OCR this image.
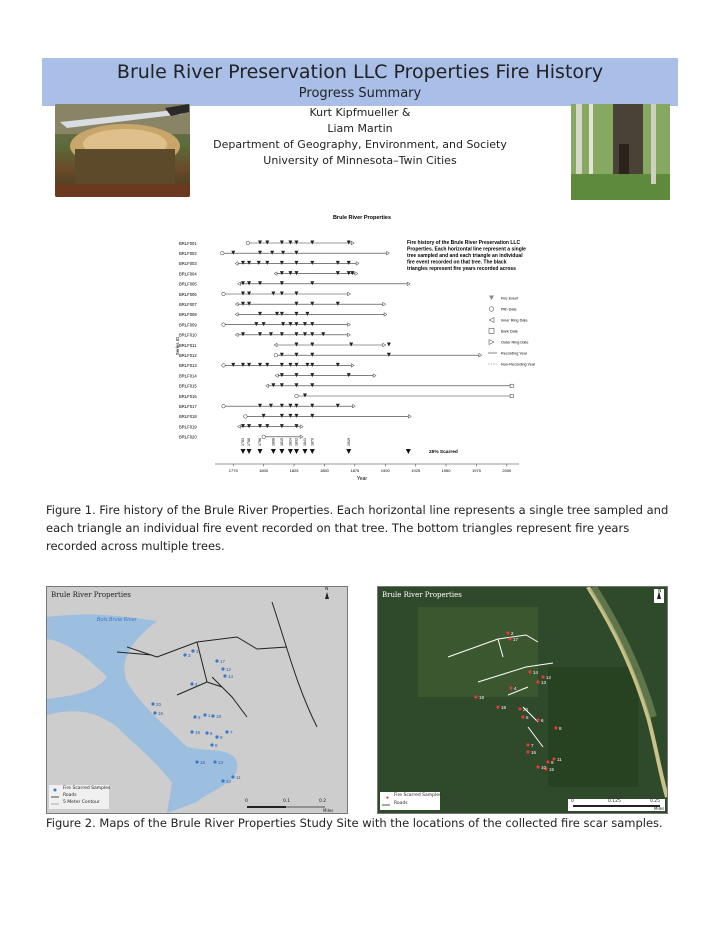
Brule River Preservation LLC Properties Fire History
Progress Summary
Kurt Kipfmueller &
Liam Martin
Department of Geography, Environment, and Society
University of Minnesota–Twin Cities
Brule River Properties
Fire history of the Brule River Preservation LLC Properties. Each horizontal line represent a single tree sampled and and each triangle an individual fire event recorded on that tree. The black triangles represent fire years recorded across
Fire Event
Pith Date
Inner Ring Date
Bark Date
Outer Ring Date
Recording Year
Non-Recording Year
Series ID
Year
25% Scarred
BRLF001
BRLF002
BRLF003
BRLF004
BRLF005
BRLF006
BRLF007
BRLF008
BRLF009
BRLF010
BRLF011
BRLF012
BRLF013
BRLF014
BRLF015
BRLF016
BRLF017
BRLF018
BRLF019
BRLF020
1783 1788 1796	1808 1815 1824 1832 1841 1870	1919
1775	1800	1825	1850	1875	1900	1925	1950	1975	2000
Figure 1. Fire history of the Brule River Properties. Each horizontal line represents a single tree sampled and each triangle an individual fire event recorded on that tree. The bottom triangles represent fire years recorded across multiple trees.
2
3
17
12
14
4
20
16	1
5	18
19 6	7
9
8
15	13
11
10
Brule River Properties
Bois Brule River
Fire Scarred Samples
Roads
5 Meter Contour	0	0.1	0.2
Miles
N
2
17
14
12
13
4
19
18	20
5
6
8
7
16
11
9
15
10
●
Brule River Properties
Fire Scarred Samples
Roads	0	0.125	0.25
Miles
N
Figure 2. Maps of the Brule River Properties Study Site with the locations of the collected fire scar samples.
